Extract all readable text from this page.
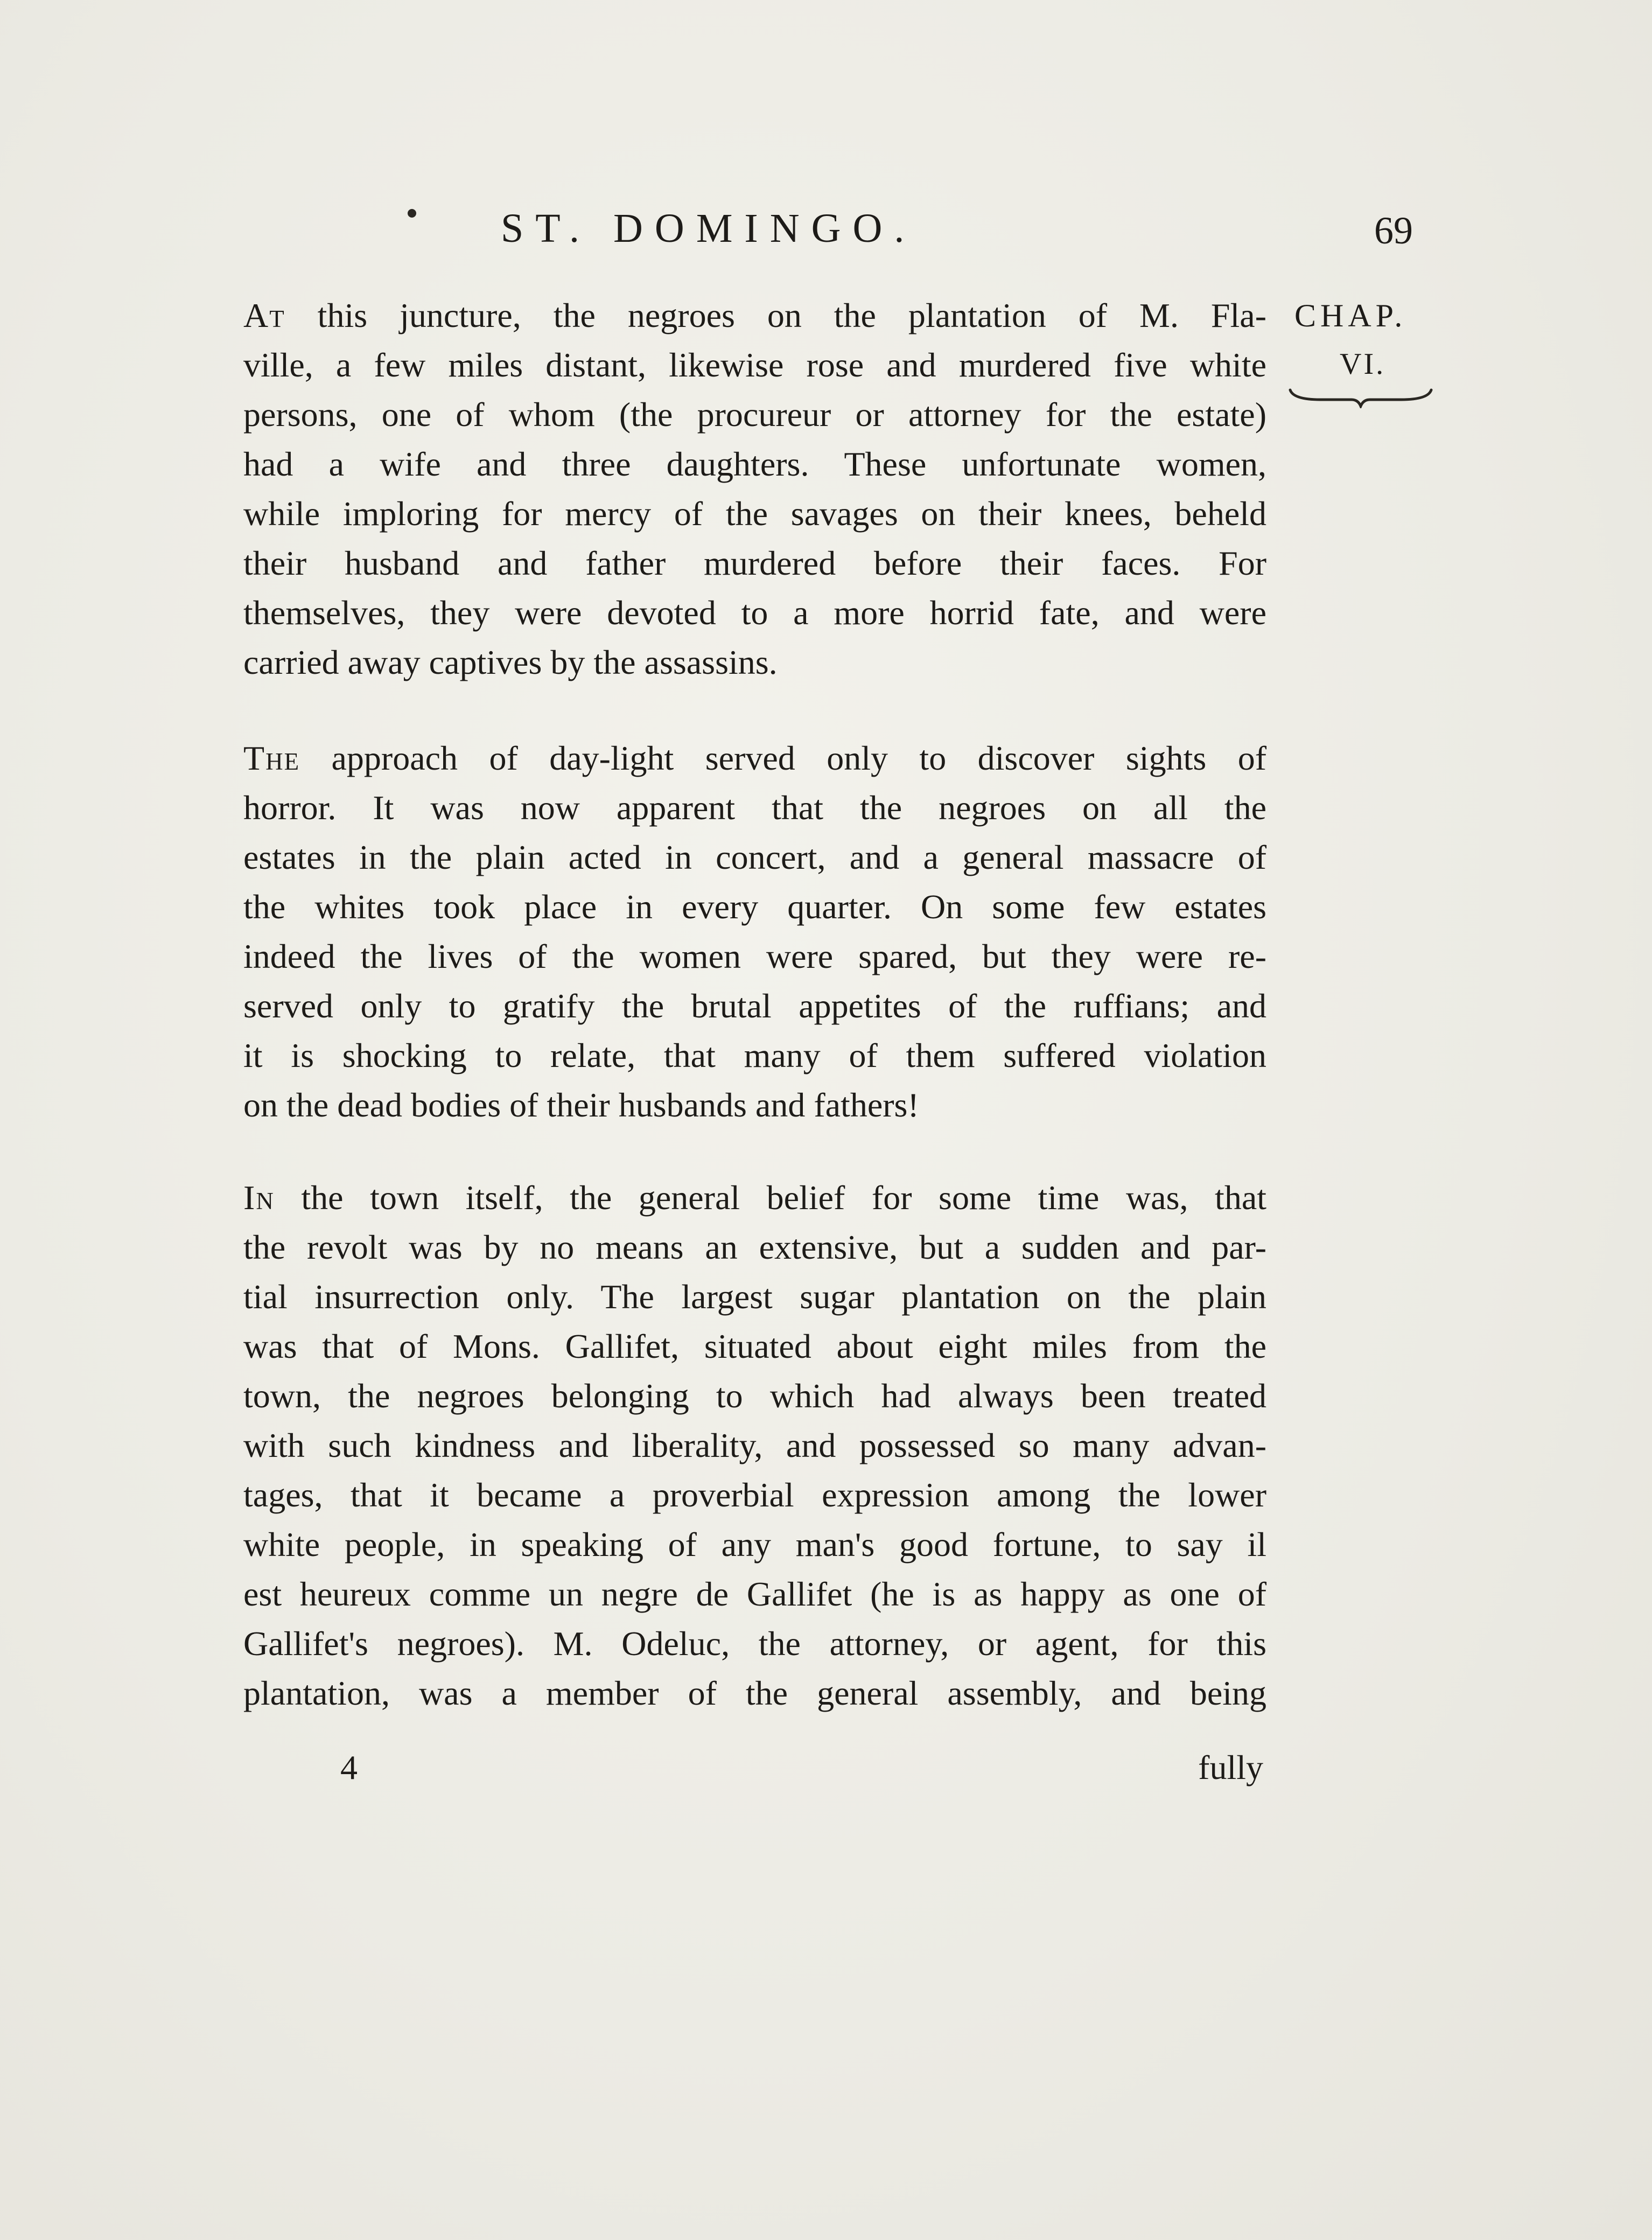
ST. DOMINGO.	69
CHAP.
VI.
At this juncture, the negroes on the plantation of M. Fla-
ville, a few miles distant, likewise rose and murdered five white
persons, one of whom (the procureur or attorney for the estate)
had a wife and three daughters. These unfortunate women,
while imploring for mercy of the savages on their knees, beheld
their husband and father murdered before their faces. For
themselves, they were devoted to a more horrid fate, and were
carried away captives by the assassins.
The approach of day-light served only to discover sights of
horror. It was now apparent that the negroes on all the
estates in the plain acted in concert, and a general massacre of
the whites took place in every quarter. On some few estates
indeed the lives of the women were spared, but they were re-
served only to gratify the brutal appetites of the ruffians; and
it is shocking to relate, that many of them suffered violation
on the dead bodies of their husbands and fathers!
In the town itself, the general belief for some time was, that
the revolt was by no means an extensive, but a sudden and par-
tial insurrection only. The largest sugar plantation on the plain
was that of Mons. Gallifet, situated about eight miles from the
town, the negroes belonging to which had always been treated
with such kindness and liberality, and possessed so many advan-
tages, that it became a proverbial expression among the lower
white people, in speaking of any man's good fortune, to say il
est heureux comme un negre de Gallifet (he is as happy as one of
Gallifet's negroes). M. Odeluc, the attorney, or agent, for this
plantation, was a member of the general assembly, and being
4	fully
